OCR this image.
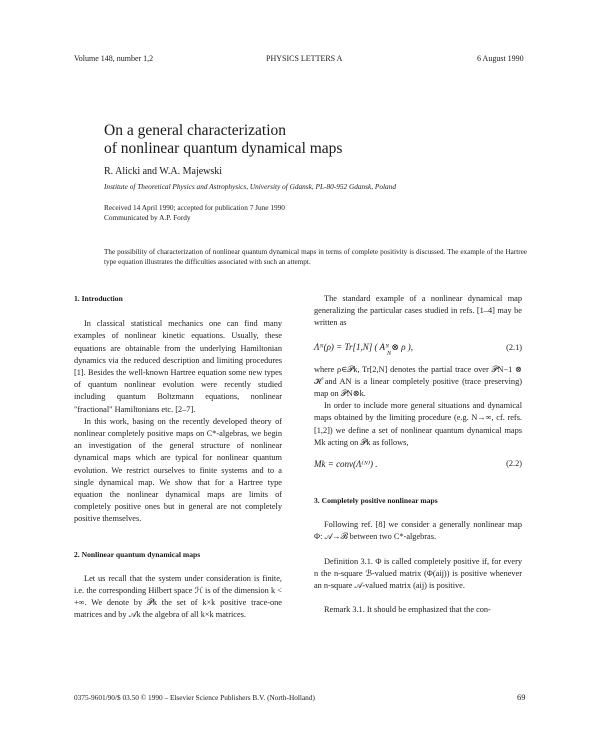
Volume 148, number 1,2	PHYSICS LETTERS A	6 August 1990
On a general characterization
of nonlinear quantum dynamical maps
R. Alicki and W.A. Majewski
Institute of Theoretical Physics and Astrophysics, University of Gdansk, PL-80-952 Gdansk, Poland
Received 14 April 1990; accepted for publication 7 June 1990
Communicated by A.P. Fordy
The possibility of characterization of nonlinear quantum dynamical maps in terms of complete positivity is discussed. The example of the Hartree type equation illustrates the difficulties associated with such an attempt.
1. Introduction

In classical statistical mechanics one can find many examples of nonlinear kinetic equations. Usually, these equations are obtainable from the underlying Hamiltonian dynamics via the reduced description and limiting procedures [1]. Besides the well-known Hartree equation some new types of quantum nonlinear evolution were recently studied including quantum Boltzmann equations, nonlinear "fractional" Hamiltonians etc. [2–7].

In this work, basing on the recently developed theory of nonlinear completely positive maps on C*-algebras, we begin an investigation of the general structure of nonlinear dynamical maps which are typical for nonlinear quantum evolution. We restrict ourselves to finite systems and to a single dynamical map. We show that for a Hartree type equation the nonlinear dynamical maps are limits of completely positive ones but in general are not completely positive themselves.

2. Nonlinear quantum dynamical maps

Let us recall that the system under consideration is finite, i.e. the corresponding Hilbert space ℋ is of the dimension k < +∞. We denote by 𝒫k the set of k×k positive trace-one matrices and by 𝒜k the algebra of all k×k matrices.

The standard example of a nonlinear dynamical map generalizing the particular cases studied in refs. [1–4] may be written as

Λᴺ(ρ) = Tr[1,N] ( Aᴺ ⊗ ρ )$,_N$
(2.1)

where ρ∈𝒫k, Tr[2,N] denotes the partial trace over 𝒫N−1 ⊗ ℋ and AN is a linear completely positive (trace preserving) map on 𝒫N⊗k.

In order to include more general situations and dynamical maps obtained by the limiting procedure (e.g. N→∞, cf. refs. [1,2]) we define a set of nonlinear quantum dynamical maps Mk acting on 𝒫k as follows,

Mk = conv(Λ⁽ᴺ⁾) .	(2.2)
3. Completely positive nonlinear maps

Following ref. [8] we consider a generally nonlinear map Φ: 𝒜→ℬ between two C*-algebras.

Definition 3.1. Φ is called completely positive if, for every n the n-square ℬ-valued matrix (Φ(aij)) is positive whenever an n-square 𝒜-valued matrix (aij) is positive.

Remark 3.1. It should be emphasized that the con-

0375-9601/90/$ 03.50 © 1990 – Elsevier Science Publishers B.V. (North-Holland)	69
